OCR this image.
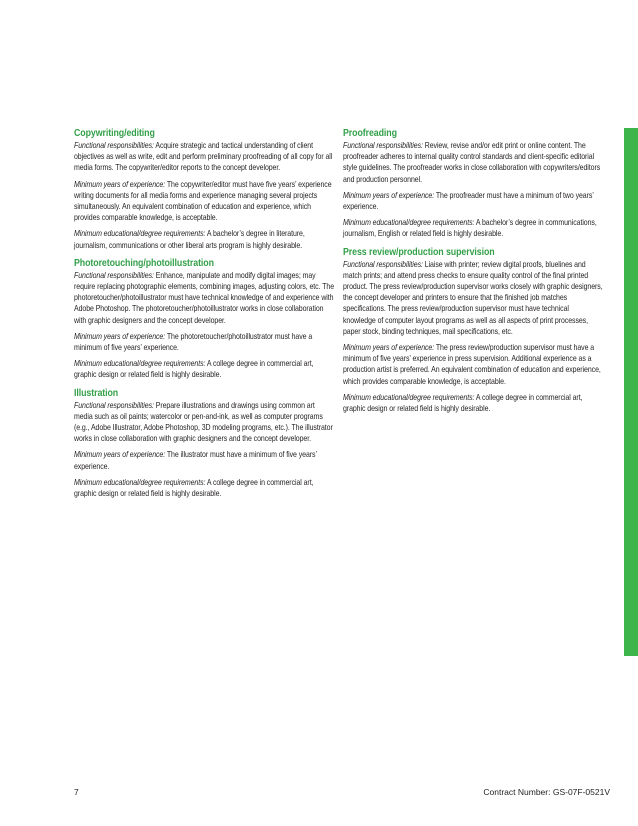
Copywriting/editing

Functional responsibilities: Acquire strategic and tactical understanding of client objectives as well as write, edit and perform preliminary proofreading of all copy for all media forms. The copywriter/editor reports to the concept developer.

Minimum years of experience: The copywriter/editor must have five years’ experience writing documents for all media forms and experience managing several projects simultaneously. An equivalent combination of education and experience, which provides comparable knowledge, is acceptable.

Minimum educational/degree requirements: A bachelor’s degree in literature, journalism, communications or other liberal arts program is highly desirable.

Photoretouching/photoillustration

Functional responsibilities: Enhance, manipulate and modify digital images; may require replacing photographic elements, combining images, adjusting colors, etc. The photoretoucher/photoillustrator must have technical knowledge of and experience with Adobe Photoshop. The photoretoucher/photoillustrator works in close collaboration with graphic designers and the concept developer.

Minimum years of experience: The photoretoucher/photoillustrator must have a minimum of five years’ experience.

Minimum educational/degree requirements: A college degree in commercial art, graphic design or related field is highly desirable.

Illustration

Functional responsibilities: Prepare illustrations and drawings using common art media such as oil paints; watercolor or pen-and-ink, as well as computer programs (e.g., Adobe Illustrator, Adobe Photoshop, 3D modeling programs, etc.). The illustrator works in close collaboration with graphic designers and the concept developer.

Minimum years of experience: The illustrator must have a minimum of five years’ experience.

Minimum educational/degree requirements: A college degree in commercial art, graphic design or related field is highly desirable.

Proofreading

Functional responsibilities: Review, revise and/or edit print or online content. The proofreader adheres to internal quality control standards and client-specific editorial style guidelines. The proofreader works in close collaboration with copywriters/editors and production personnel.

Minimum years of experience: The proofreader must have a minimum of two years’ experience.

Minimum educational/degree requirements: A bachelor’s degree in communications, journalism, English or related field is highly desirable.

Press review/production supervision

Functional responsibilities: Liaise with printer; review digital proofs, bluelines and match prints; and attend press checks to ensure quality control of the final printed product. The press review/production supervisor works closely with graphic designers, the concept developer and printers to ensure that the finished job matches specifications. The press review/production supervisor must have technical knowledge of computer layout programs as well as all aspects of print processes, paper stock, binding techniques, mail specifications, etc.

Minimum years of experience: The press review/production supervisor must have a minimum of five years’ experience in press supervision. Additional experience as a production artist is preferred. An equivalent combination of education and experience, which provides comparable knowledge, is acceptable.

Minimum educational/degree requirements: A college degree in commercial art, graphic design or related field is highly desirable.

7	Contract Number: GS-07F-0521V
